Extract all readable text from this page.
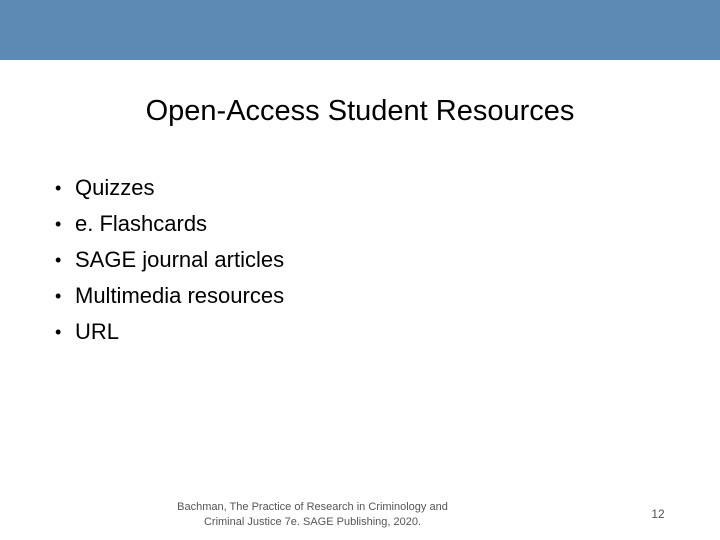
Open-Access Student Resources
• Quizzes
• e. Flashcards
• SAGE journal articles
• Multimedia resources
• URL
Bachman, The Practice of Research in Criminology and
Criminal Justice 7e. SAGE Publishing, 2020.
12
